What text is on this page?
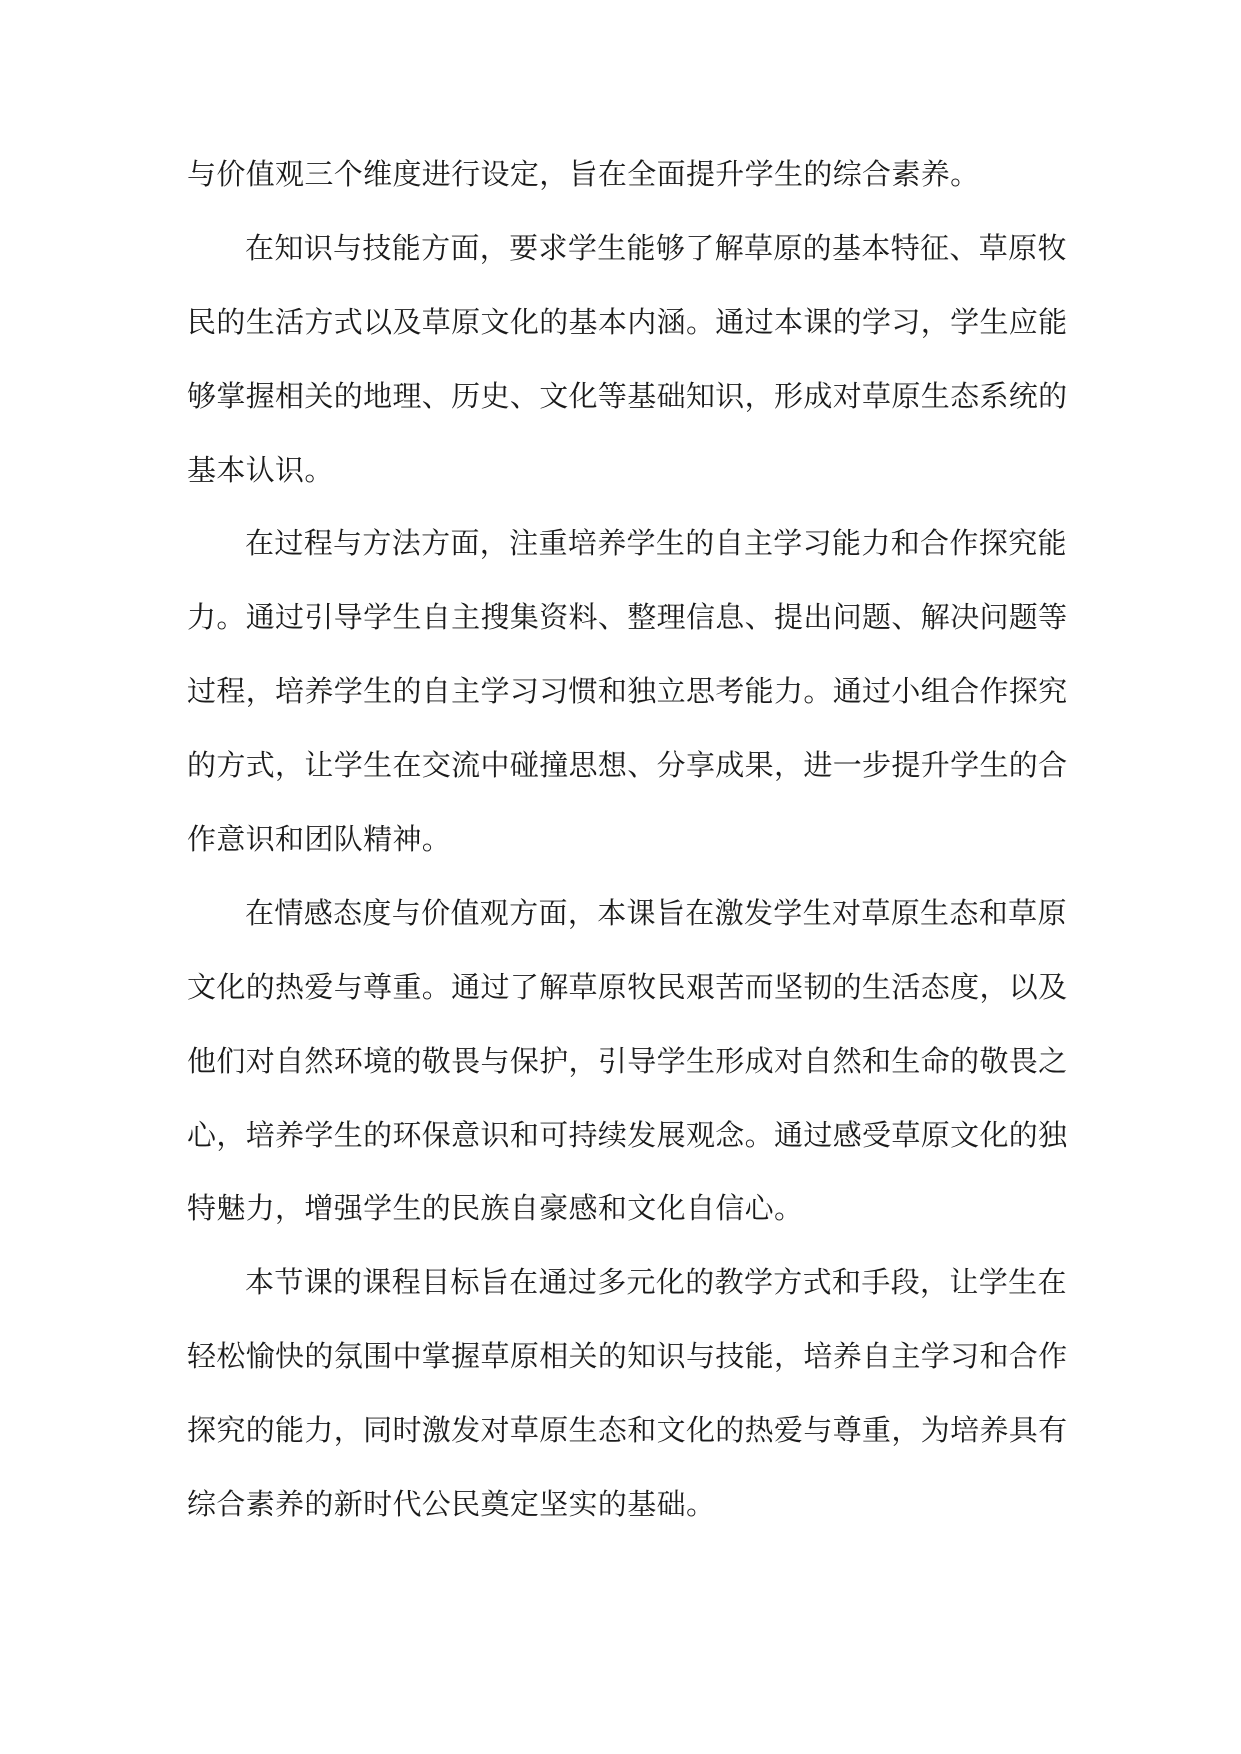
与价值观三个维度进行设定，旨在全面提升学生的综合素养。
在知识与技能方面，要求学生能够了解草原的基本特征、草原牧
民的生活方式以及草原文化的基本内涵。通过本课的学习，学生应能
够掌握相关的地理、历史、文化等基础知识，形成对草原生态系统的
基本认识。
在过程与方法方面，注重培养学生的自主学习能力和合作探究能
力。通过引导学生自主搜集资料、整理信息、提出问题、解决问题等
过程，培养学生的自主学习习惯和独立思考能力。通过小组合作探究
的方式，让学生在交流中碰撞思想、分享成果，进一步提升学生的合
作意识和团队精神。
在情感态度与价值观方面，本课旨在激发学生对草原生态和草原
文化的热爱与尊重。通过了解草原牧民艰苦而坚韧的生活态度，以及
他们对自然环境的敬畏与保护，引导学生形成对自然和生命的敬畏之
心，培养学生的环保意识和可持续发展观念。通过感受草原文化的独
特魅力，增强学生的民族自豪感和文化自信心。
本节课的课程目标旨在通过多元化的教学方式和手段，让学生在
轻松愉快的氛围中掌握草原相关的知识与技能，培养自主学习和合作
探究的能力，同时激发对草原生态和文化的热爱与尊重，为培养具有
综合素养的新时代公民奠定坚实的基础。
